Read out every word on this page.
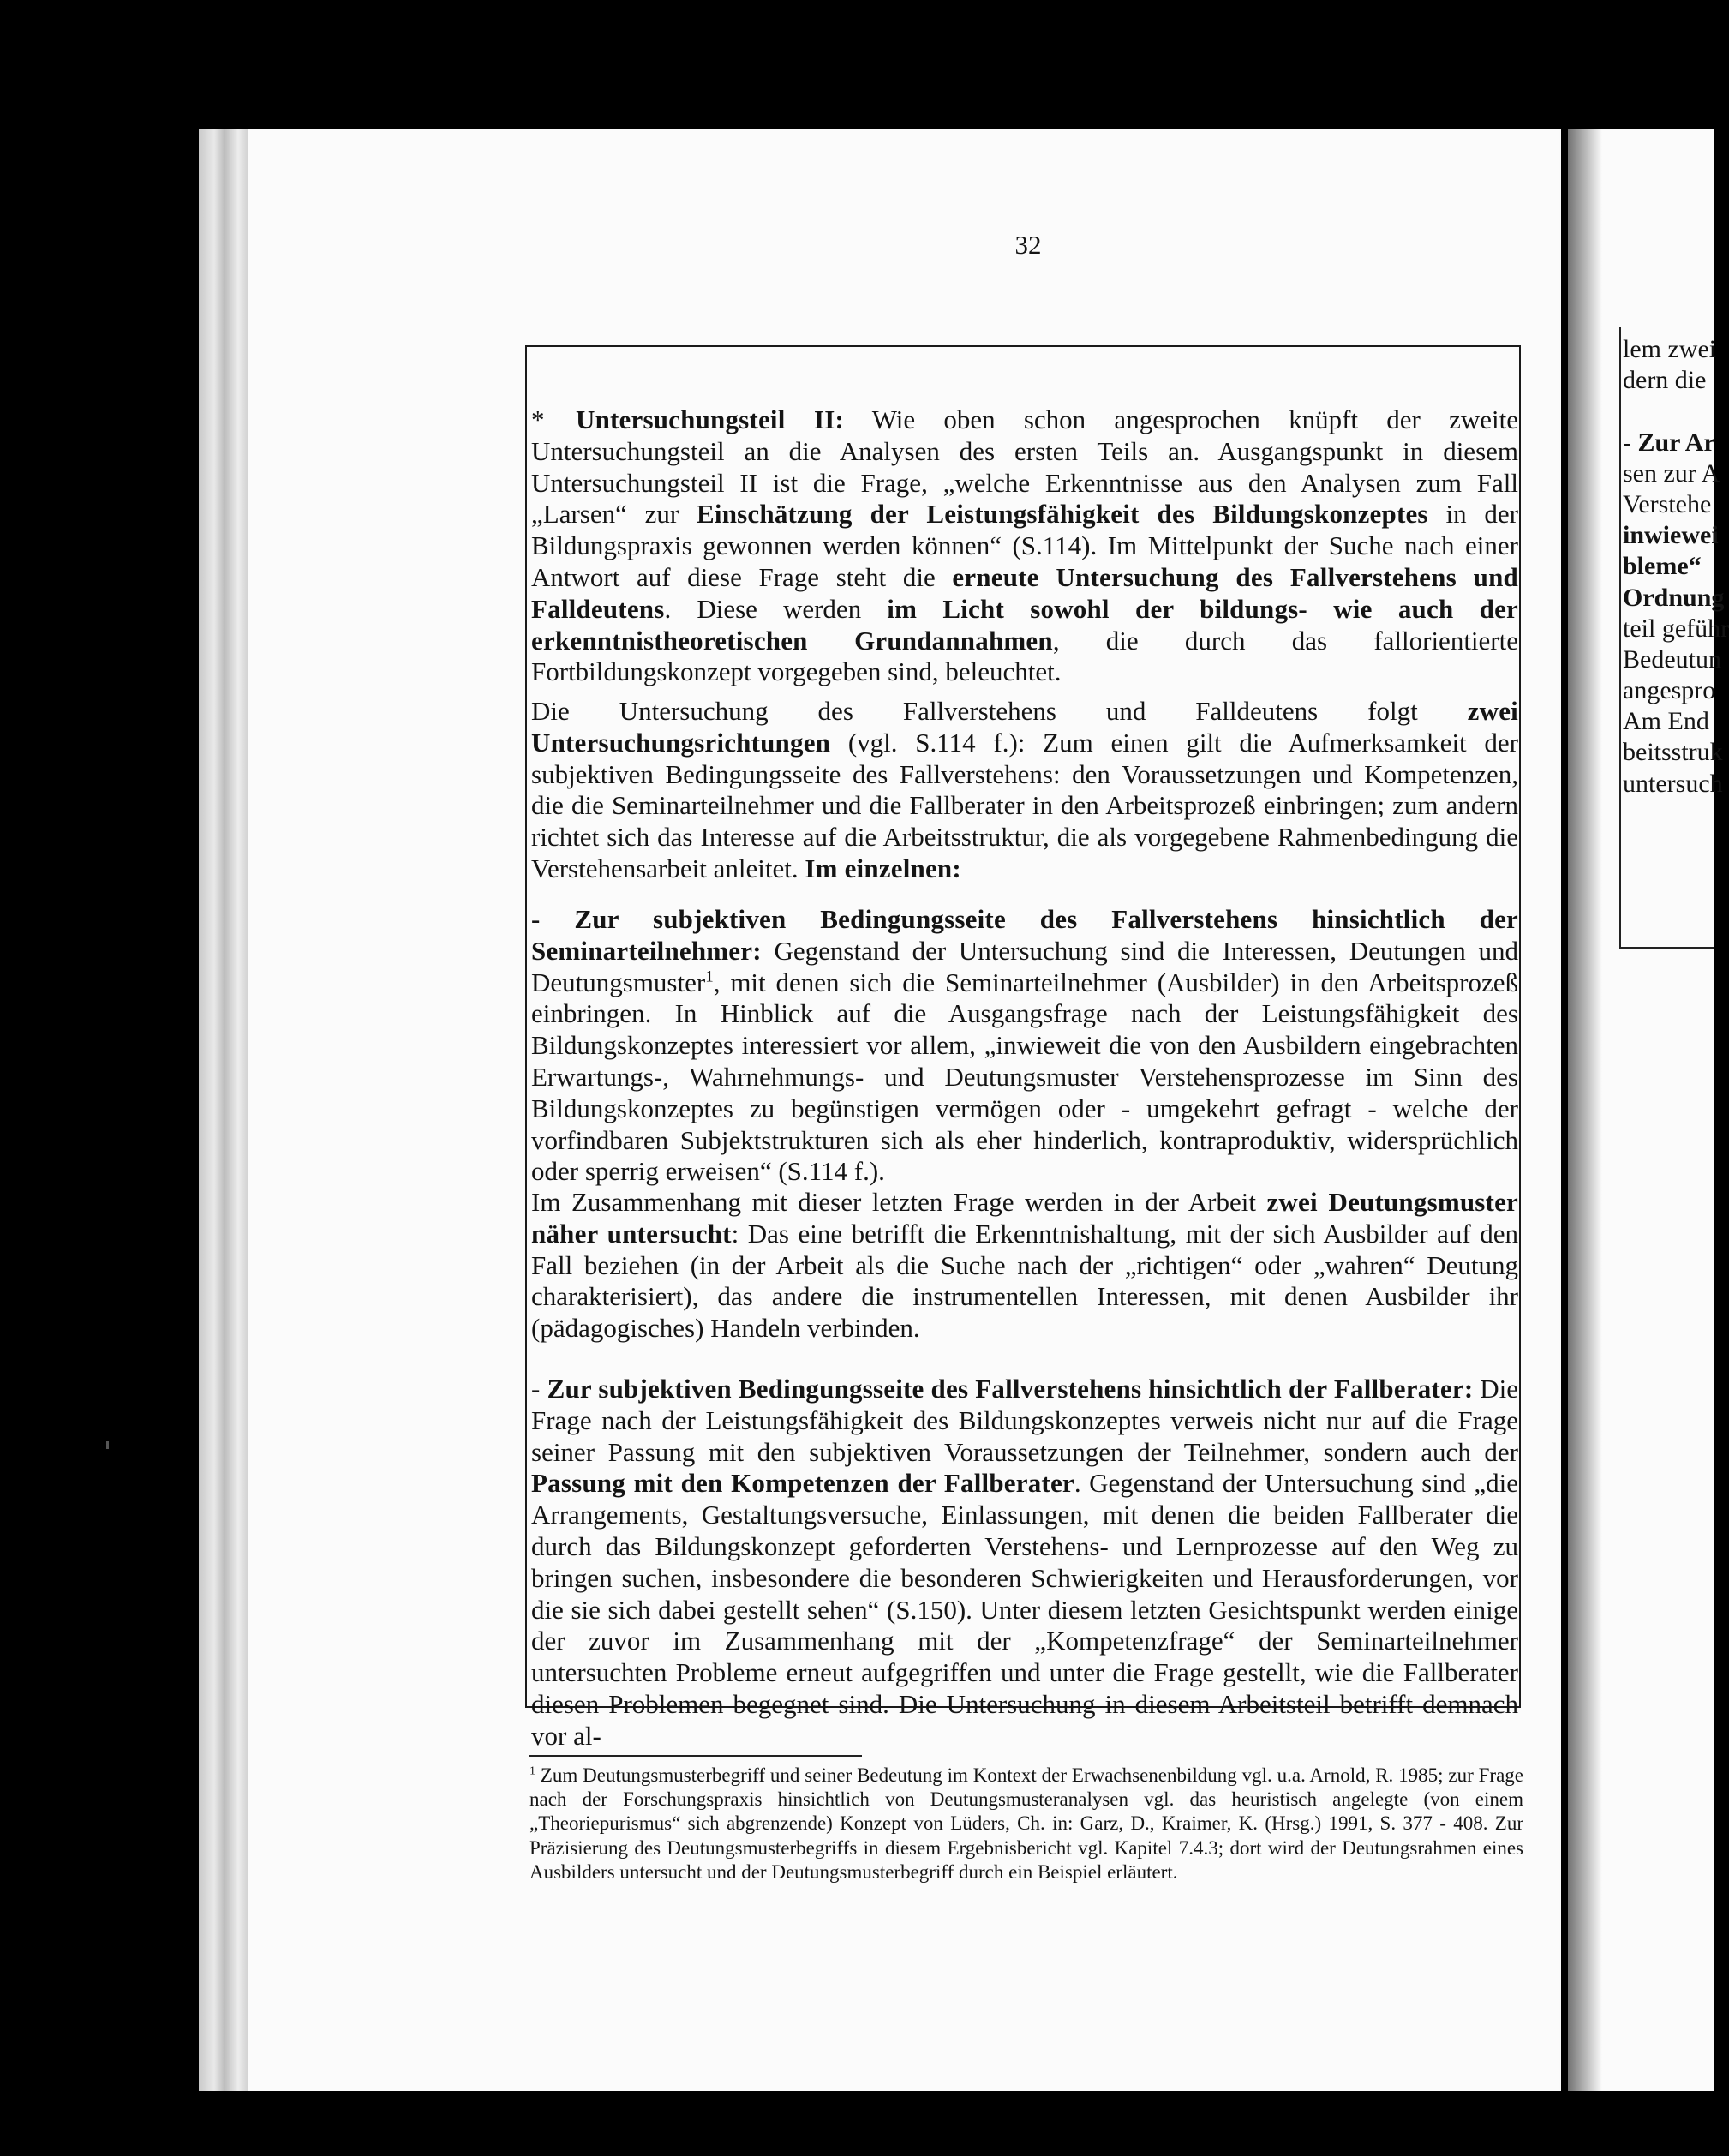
32

* Untersuchungsteil II: Wie oben schon angesprochen knüpft der zweite Untersuchungsteil an die Analysen des ersten Teils an. Ausgangspunkt in diesem Untersuchungsteil II ist die Frage, „welche Erkenntnisse aus den Analysen zum Fall „Larsen“ zur Einschätzung der Leistungsfähigkeit des Bildungskonzeptes in der Bildungspraxis gewonnen werden können“ (S.114). Im Mittelpunkt der Suche nach einer Antwort auf diese Frage steht die erneute Untersuchung des Fallverstehens und Falldeutens. Diese werden im Licht sowohl der bildungs- wie auch der erkenntnistheoretischen Grundannahmen, die durch das fallorientierte Fortbildungskonzept vorgegeben sind, beleuchtet.

Die Untersuchung des Fallverstehens und Falldeutens folgt zwei Untersuchungsrichtungen (vgl. S.114 f.): Zum einen gilt die Aufmerksamkeit der subjektiven Bedingungsseite des Fallverstehens: den Voraussetzungen und Kompetenzen, die die Seminarteilnehmer und die Fallberater in den Arbeitsprozeß einbringen; zum andern richtet sich das Interesse auf die Arbeitsstruktur, die als vorgegebene Rahmenbedingung die Verstehensarbeit anleitet. Im einzelnen:

- Zur subjektiven Bedingungsseite des Fallverstehens hinsichtlich der Seminarteilnehmer: Gegenstand der Untersuchung sind die Interessen, Deutungen und Deutungsmuster$^1$, mit denen sich die Seminarteilnehmer (Ausbilder) in den Arbeitsprozeß einbringen. In Hinblick auf die Ausgangsfrage nach der Leistungsfähigkeit des Bildungskonzeptes interessiert vor allem, „inwieweit die von den Ausbildern eingebrachten Erwartungs-, Wahrnehmungs- und Deutungsmuster Verstehensprozesse im Sinn des Bildungskonzeptes zu begünstigen vermögen oder - umgekehrt gefragt - welche der vorfindbaren Subjektstrukturen sich als eher hinderlich, kontraproduktiv, widersprüchlich oder sperrig erweisen“ (S.114 f.).

Im Zusammenhang mit dieser letzten Frage werden in der Arbeit zwei Deutungsmuster näher untersucht: Das eine betrifft die Erkenntnishaltung, mit der sich Ausbilder auf den Fall beziehen (in der Arbeit als die Suche nach der „richtigen“ oder „wahren“ Deutung charakterisiert), das andere die instrumentellen Interessen, mit denen Ausbilder ihr (pädagogisches) Handeln verbinden.

- Zur subjektiven Bedingungsseite des Fallverstehens hinsichtlich der Fallberater: Die Frage nach der Leistungsfähigkeit des Bildungskonzeptes verweis nicht nur auf die Frage seiner Passung mit den subjektiven Voraussetzungen der Teilnehmer, sondern auch der Passung mit den Kompetenzen der Fallberater. Gegenstand der Untersuchung sind „die Arrangements, Gestaltungsversuche, Einlassungen, mit denen die beiden Fallberater die durch das Bildungskonzept geforderten Verstehens- und Lernprozesse auf den Weg zu bringen suchen, insbesondere die besonderen Schwierigkeiten und Herausforderungen, vor die sie sich dabei gestellt sehen“ (S.150). Unter diesem letzten Gesichtspunkt werden einige der zuvor im Zusammenhang mit der „Kompetenzfrage“ der Seminarteilnehmer untersuchten Probleme erneut aufgegriffen und unter die Frage gestellt, wie die Fallberater diesen Problemen begegnet sind. Die Untersuchung in diesem Arbeitsteil betrifft demnach vor al-

$^1$ Zum Deutungsmusterbegriff und seiner Bedeutung im Kontext der Erwachsenenbildung vgl. u.a. Arnold, R. 1985; zur Frage nach der Forschungspraxis hinsichtlich von Deutungsmusteranalysen vgl. das heuristisch angelegte (von einem „Theoriepurismus“ sich abgrenzende) Konzept von Lüders, Ch. in: Garz, D., Kraimer, K. (Hrsg.) 1991, S. 377 - 408. Zur Präzisierung des Deutungsmusterbegriffs in diesem Ergebnisbericht vgl. Kapitel 7.4.3; dort wird der Deutungsrahmen eines Ausbilders untersucht und der Deutungsmusterbegriff durch ein Beispiel erläutert.

lem zwei
dern die
- Zur Ar
sen zur A
Verstehe
inwiewei
bleme“
Ordnung
teil geführ
Bedeutun
angespro
Am End
beitsstruk
untersuch
